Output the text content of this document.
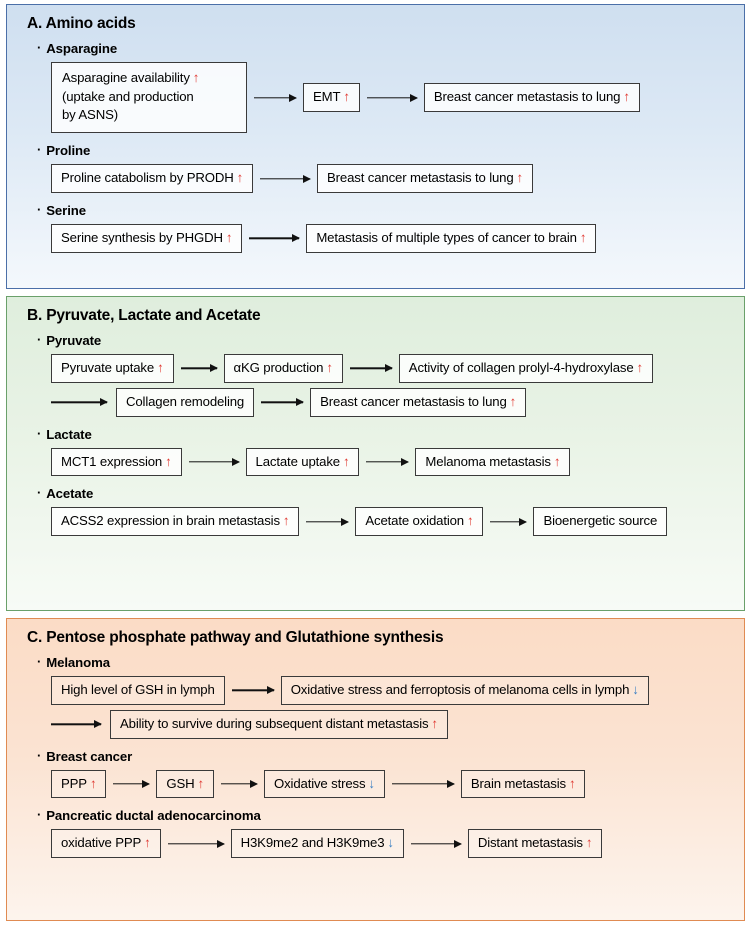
A. Amino acids
· Asparagine
Asparagine availability ↑
(uptake and production
by ASNS)
EMT ↑	Breast cancer metastasis to lung ↑
· Proline
Proline catabolism by PRODH ↑	Breast cancer metastasis to lung ↑
· Serine
Serine synthesis by PHGDH ↑	Metastasis of multiple types of cancer to brain ↑
B. Pyruvate, Lactate and Acetate
· Pyruvate
Pyruvate uptake ↑	αKG production ↑	Activity of collagen prolyl-4-hydroxylase ↑
Collagen remodeling	Breast cancer metastasis to lung ↑
· Lactate
MCT1 expression ↑	Lactate uptake ↑	Melanoma metastasis ↑
· Acetate
ACSS2 expression in brain metastasis ↑	Acetate oxidation ↑	Bioenergetic source
C. Pentose phosphate pathway and Glutathione synthesis
· Melanoma
High level of GSH in lymph	Oxidative stress and ferroptosis of melanoma cells in lymph ↓
Ability to survive during subsequent distant metastasis ↑
· Breast cancer
PPP ↑	GSH ↑	Oxidative stress ↓	Brain metastasis ↑
· Pancreatic ductal adenocarcinoma
oxidative PPP ↑	H3K9me2 and H3K9me3 ↓	Distant metastasis ↑
